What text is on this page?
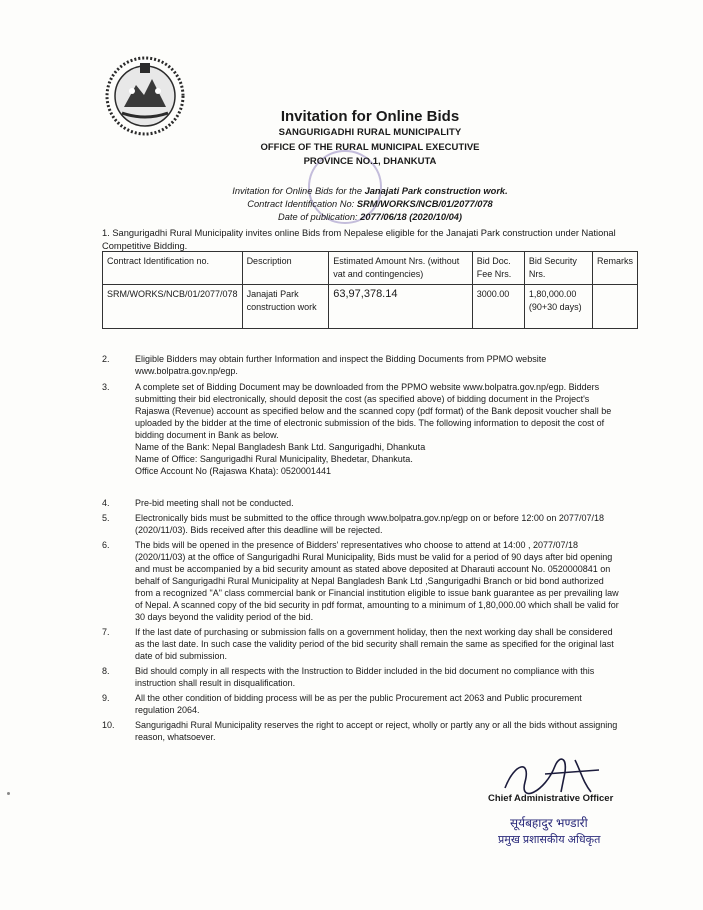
Invitation for Online Bids
SANGURIGADHI RURAL MUNICIPALITY
OFFICE OF THE RURAL MUNICIPAL EXECUTIVE
PROVINCE NO.1, DHANKUTA
Invitation for Online Bids for the Janajati Park construction work.
Contract Identification No: SRM/WORKS/NCB/01/2077/078
Date of publication: 2077/06/18 (2020/10/04)
1. Sangurigadhi Rural Municipality invites online Bids from Nepalese eligible for the Janajati Park construction under National Competitive Bidding.
Contract Identification no.	Description	Estimated Amount Nrs. (without vat and contingencies)	Bid Doc. Fee Nrs.	Bid Security Nrs.	Remarks
SRM/WORKS/NCB/01/2077/078	Janajati Park construction work	63,97,378.14	3000.00	1,80,000.00 (90+30 days)	
2.	Eligible Bidders may obtain further Information and inspect the Bidding Documents from PPMO website www.bolpatra.gov.np/egp.
3.	A complete set of Bidding Document may be downloaded from the PPMO website www.bolpatra.gov.np/egp. Bidders submitting their bid electronically, should deposit the cost (as specified above) of bidding document in the Project's Rajaswa (Revenue) account as specified below and the scanned copy (pdf format) of the Bank deposit voucher shall be uploaded by the bidder at the time of electronic submission of the bids. The following information to deposit the cost of bidding document in Bank as below.
Name of the Bank: Nepal Bangladesh Bank Ltd. Sangurigadhi, Dhankuta
Name of Office: Sangurigadhi Rural Municipality, Bhedetar, Dhankuta.
Office Account No (Rajaswa Khata): 0520001441
4.	Pre-bid meeting shall not be conducted.
5.	Electronically bids must be submitted to the office through www.bolpatra.gov.np/egp on or before 12:00 on 2077/07/18 (2020/11/03). Bids received after this deadline will be rejected.
6.	The bids will be opened in the presence of Bidders' representatives who choose to attend at 14:00 , 2077/07/18 (2020/11/03) at the office of Sangurigadhi Rural Municipality, Bids must be valid for a period of 90 days after bid opening and must be accompanied by a bid security amount as stated above deposited at Dharauti account No. 0520000841 on behalf of Sangurigadhi Rural Municipality at Nepal Bangladesh Bank Ltd ,Sangurigadhi Branch or bid bond authorized from a recognized "A" class commercial bank or Financial institution eligible to issue bank guarantee as per prevailing law of Nepal. A scanned copy of the bid security in pdf format, amounting to a minimum of 1,80,000.00 which shall be valid for 30 days beyond the validity period of the bid.
7.	If the last date of purchasing or submission falls on a government holiday, then the next working day shall be considered as the last date. In such case the validity period of the bid security shall remain the same as specified for the original last date of bid submission.
8.	Bid should comply in all respects with the Instruction to Bidder included in the bid document no compliance with this instruction shall result in disqualification.
9.	All the other condition of bidding process will be as per the public Procurement act 2063 and Public procurement regulation 2064.
10. Sangurigadhi Rural Municipality reserves the right to accept or reject, wholly or partly any or all the bids without assigning reason, whatsoever.
Chief Administrative Officer
सूर्यबहादुर भण्डारी
प्रमुख प्रशासकीय अधिकृत
